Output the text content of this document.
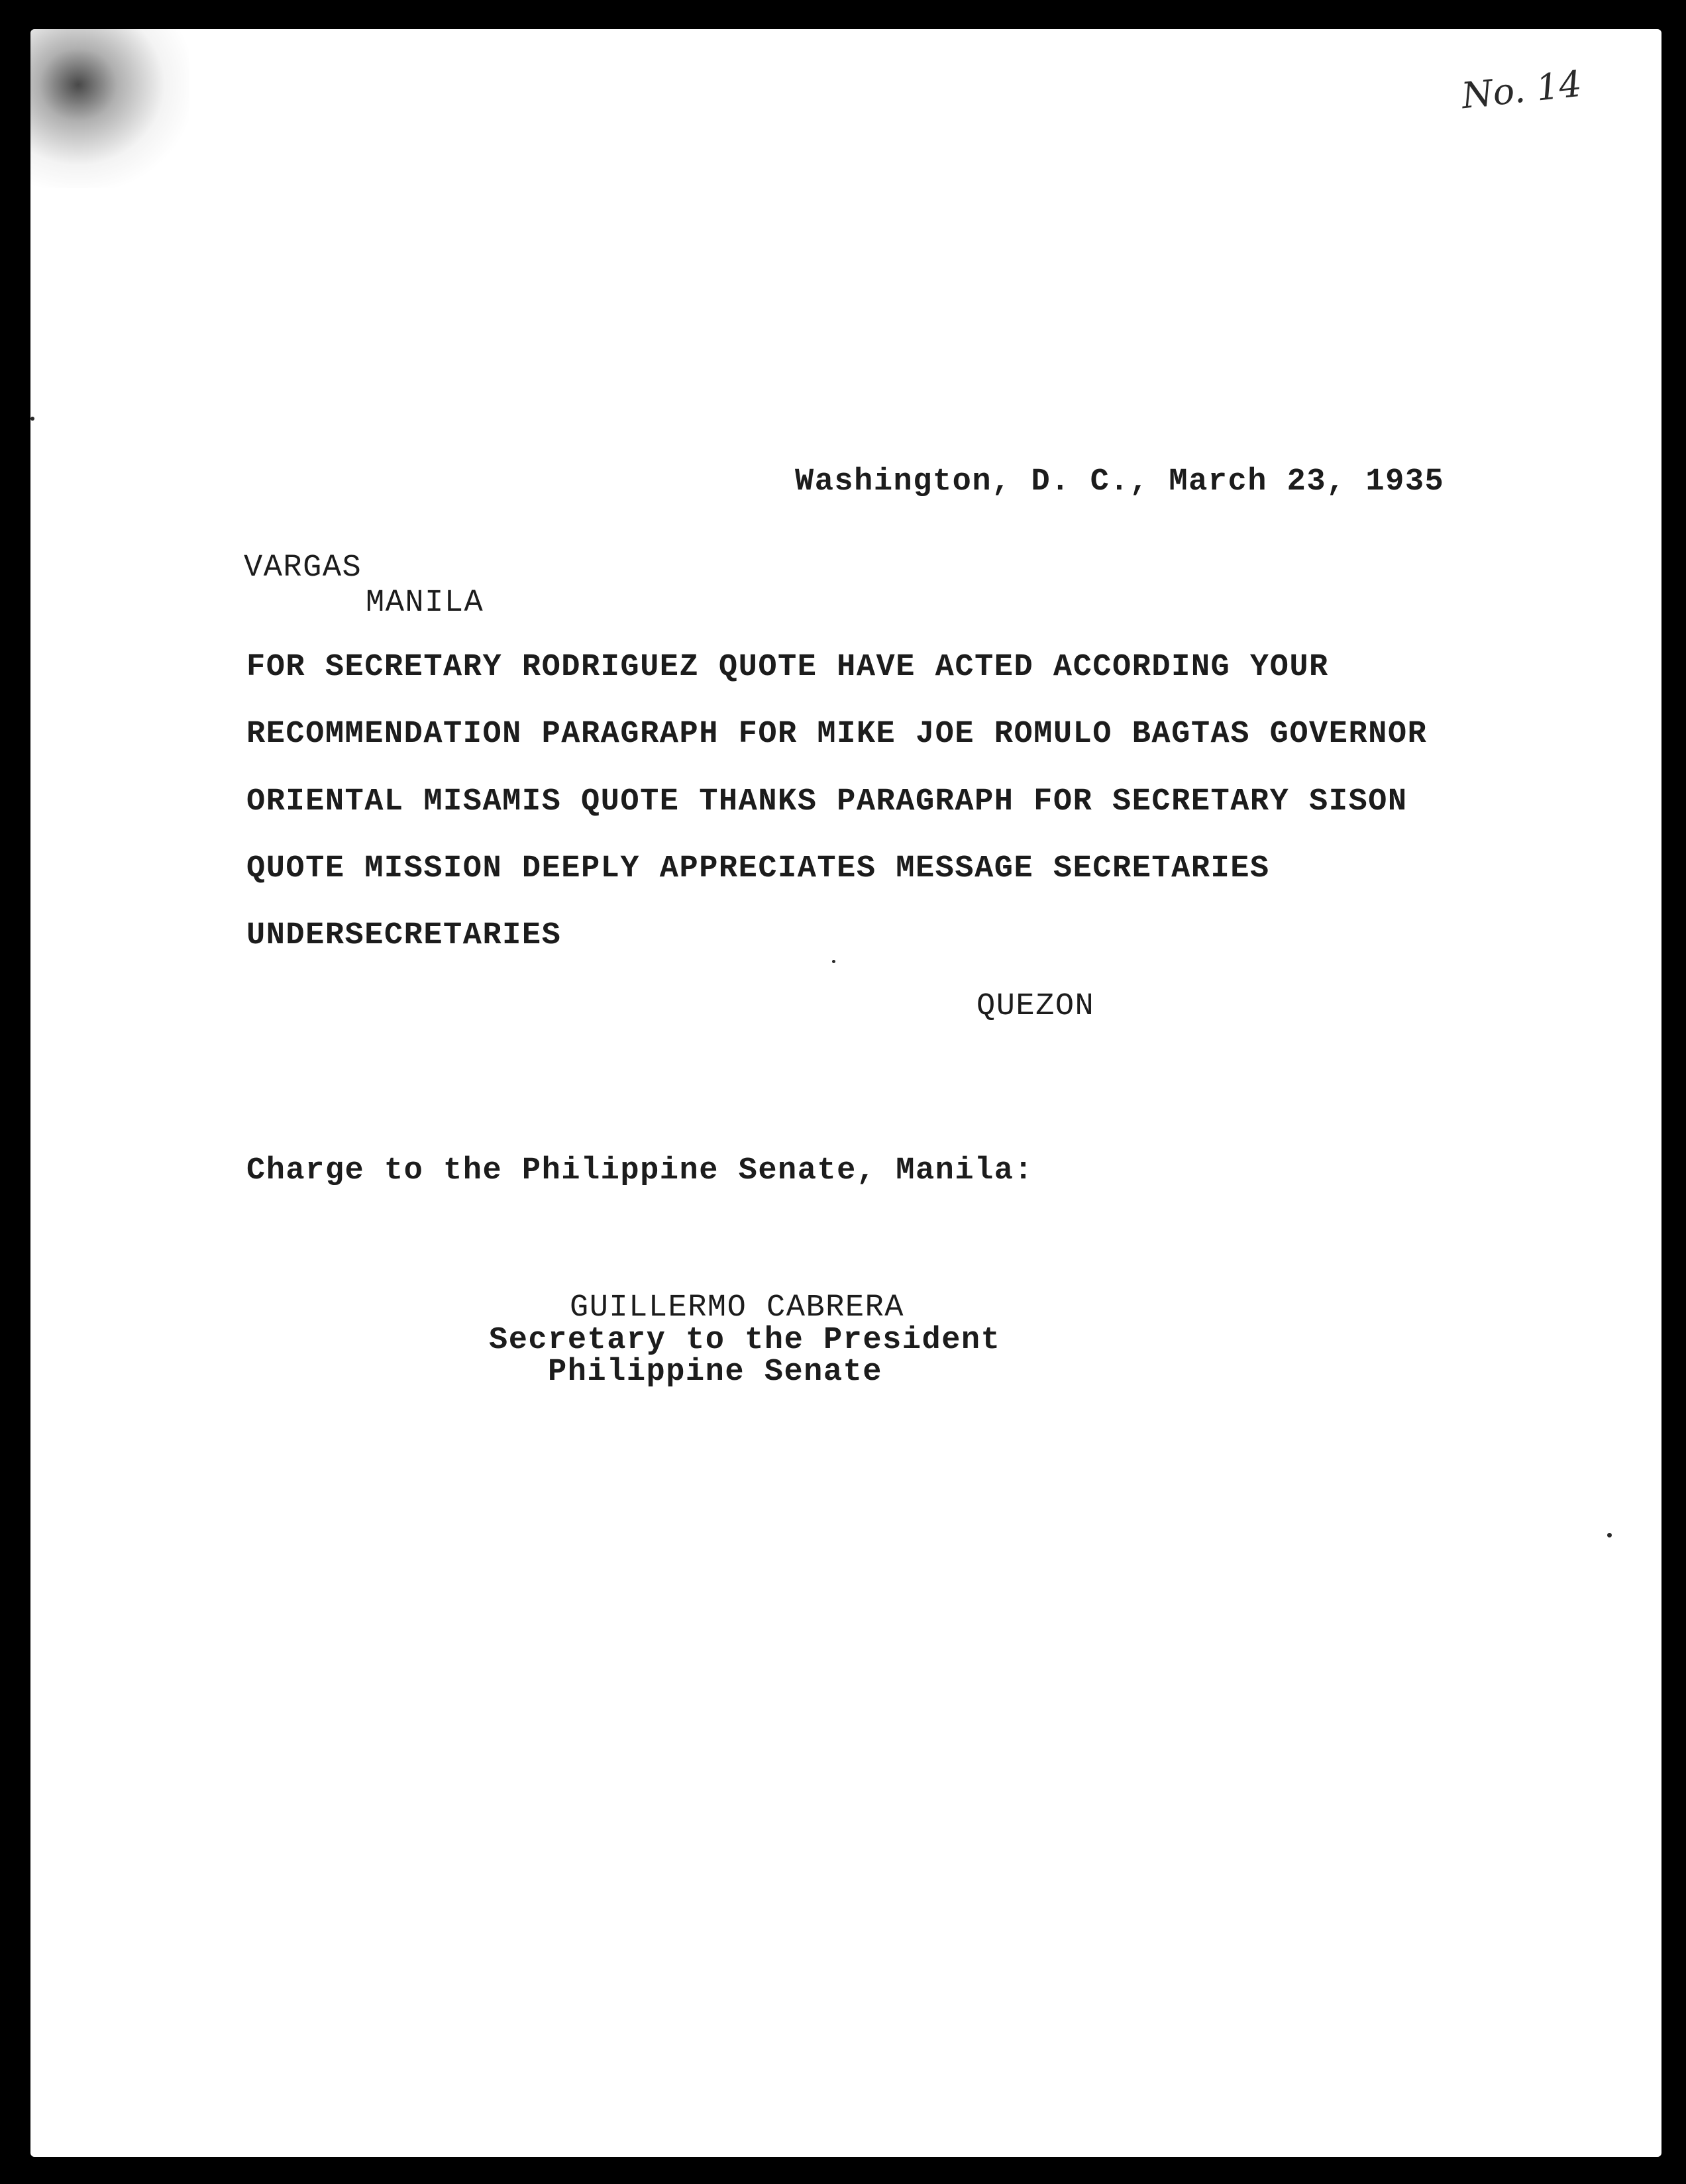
No. 14
Washington, D. C., March 23, 1935
VARGAS
MANILA
FOR SECRETARY RODRIGUEZ QUOTE HAVE ACTED ACCORDING YOUR
RECOMMENDATION PARAGRAPH FOR MIKE JOE ROMULO BAGTAS GOVERNOR
ORIENTAL MISAMIS QUOTE THANKS PARAGRAPH FOR SECRETARY SISON
QUOTE MISSION DEEPLY APPRECIATES MESSAGE SECRETARIES
UNDERSECRETARIES
QUEZON
Charge to the Philippine Senate, Manila:
GUILLERMO CABRERA
Secretary to the President
Philippine Senate
